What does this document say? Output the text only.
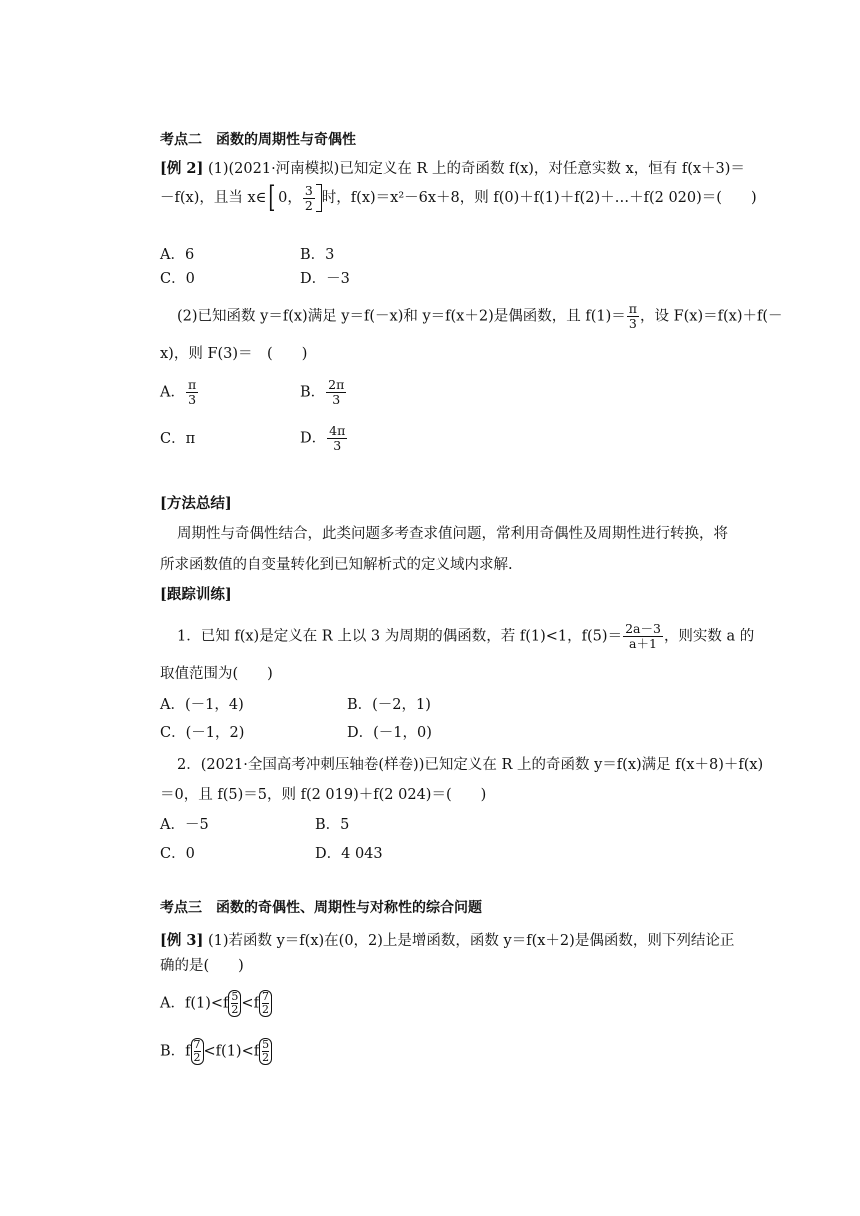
考点二　函数的周期性与奇偶性
[例 2] (1)(2021·河南模拟)已知定义在 R 上的奇函数 f(x)，对任意实数 x，恒有 f(x＋3)＝
－f(x)，且当 x∈[ 0， $\frac{3}{2}$ 时，f(x)＝x²－6x＋8，则 f(0)＋f(1)＋f(2)＋…＋f(2 020)＝(　　)
A．6	B．3
C．0	D．－3
(2)已知函数 y＝f(x)满足 y＝f(－x)和 y＝f(x＋2)是偶函数，且 $f(1)= \frac{\pi}{3}$ ，设 F(x)＝f(x)＋f(－
x)，则 F(3)＝　(　　)
A． $\frac{\pi}{3}$	B． $\frac{2\pi}{3}$
C．π	D． $\frac{4\pi}{3}$
[方法总结]
周期性与奇偶性结合，此类问题多考查求值问题，常利用奇偶性及周期性进行转换，将
所求函数值的自变量转化到已知解析式的定义域内求解.
[跟踪训练]
1．已知 f(x)是定义在 R 上以 3 为周期的偶函数，若 f(1)<1，$f(5)= \frac{2a-3}{a+1}$ ，则实数 a 的
取值范围为(　　)
A．(－1，4)	B．(－2，1)
C．(－1，2)	D．(－1，0)
2．(2021·全国高考冲刺压轴卷(样卷))已知定义在 R 上的奇函数 y＝f(x)满足 f(x＋8)＋f(x)
＝0，且 f(5)＝5，则 f(2 019)＋f(2 024)＝(　　)
A．－5	B．5
C．0	D．4 043
考点三　函数的奇偶性、周期性与对称性的综合问题
[例 3] (1)若函数 y＝f(x)在(0，2)上是增函数，函数 y＝f(x＋2)是偶函数，则下列结论正
确的是(　　)
A．$f(1)<f \frac{5}{2} <f \frac{7}{2}$
B．f $\frac{7}{2} <f(1)<f \frac{5}{2}$
